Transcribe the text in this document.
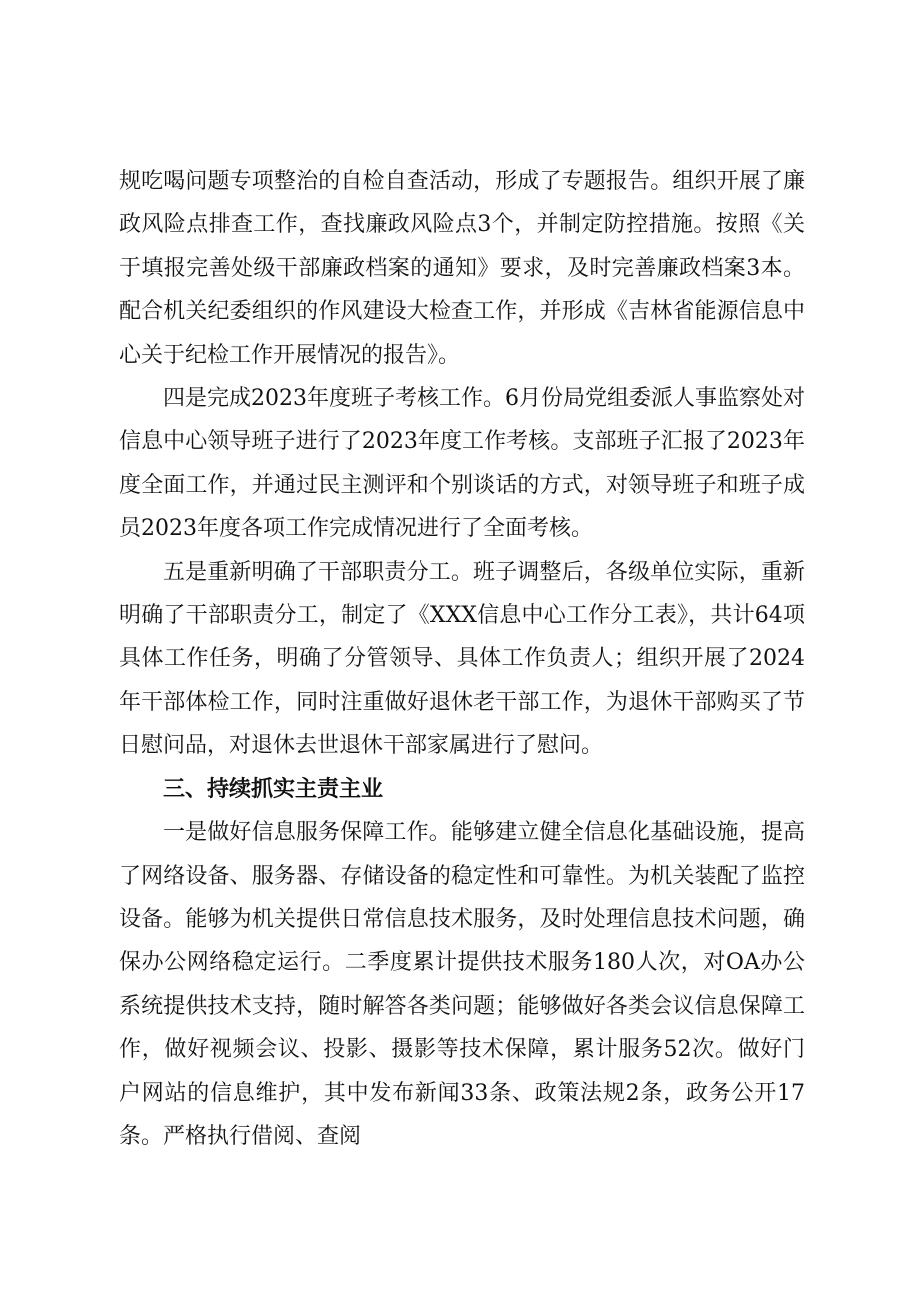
规吃喝问题专项整治的自检自查活动，形成了专题报告。组织开展了廉政风险点排查工作，查找廉政风险点3个，并制定防控措施。按照《关于填报完善处级干部廉政档案的通知》要求，及时完善廉政档案3本。配合机关纪委组织的作风建设大检查工作，并形成《吉林省能源信息中心关于纪检工作开展情况的报告》。

四是完成2023年度班子考核工作。6月份局党组委派人事监察处对信息中心领导班子进行了2023年度工作考核。支部班子汇报了2023年度全面工作，并通过民主测评和个别谈话的方式，对领导班子和班子成员2023年度各项工作完成情况进行了全面考核。

五是重新明确了干部职责分工。班子调整后，各级单位实际，重新明确了干部职责分工，制定了《XXX信息中心工作分工表》，共计64项具体工作任务，明确了分管领导、具体工作负责人；组织开展了2024年干部体检工作，同时注重做好退休老干部工作，为退休干部购买了节日慰问品，对退休去世退休干部家属进行了慰问。

三、持续抓实主责主业

一是做好信息服务保障工作。能够建立健全信息化基础设施，提高了网络设备、服务器、存储设备的稳定性和可靠性。为机关装配了监控设备。能够为机关提供日常信息技术服务，及时处理信息技术问题，确保办公网络稳定运行。二季度累计提供技术服务180人次，对OA办公系统提供技术支持，随时解答各类问题；能够做好各类会议信息保障工作，做好视频会议、投影、摄影等技术保障，累计服务52次。做好门户网站的信息维护，其中发布新闻33条、政策法规2条，政务公开17条。严格执行借阅、查阅
